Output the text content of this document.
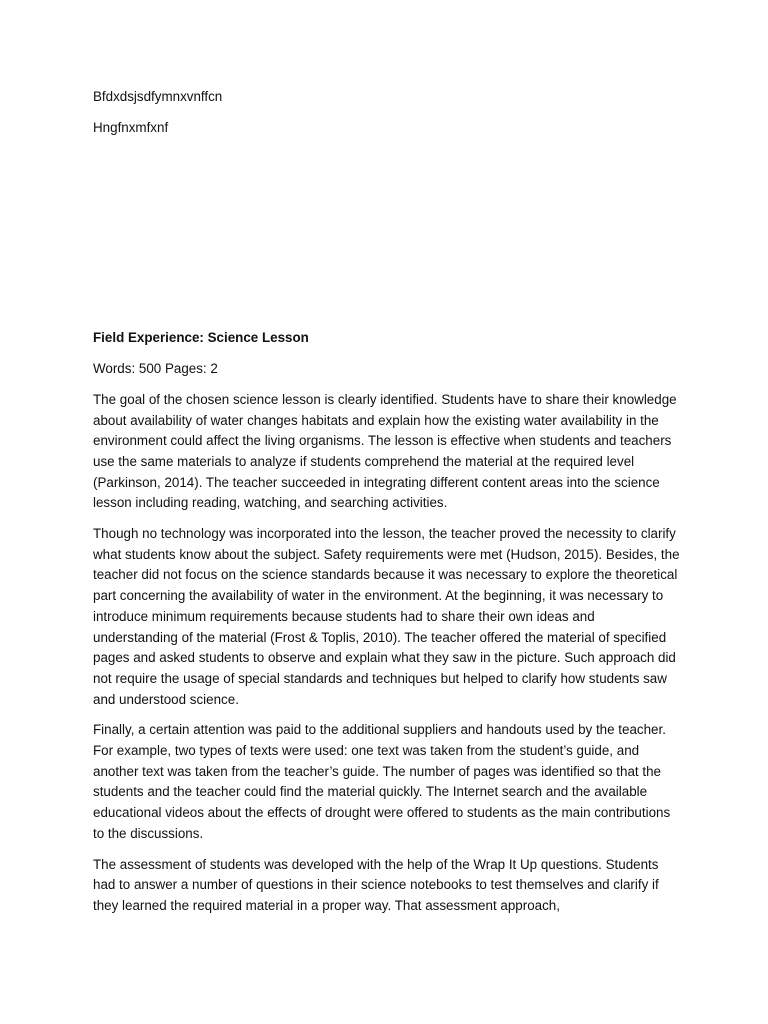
Bfdxdsjsdfymnxvnffcn

Hngfnxmfxnf

Field Experience: Science Lesson

Words: 500 Pages: 2

The goal of the chosen science lesson is clearly identified. Students have to share their knowledge about availability of water changes habitats and explain how the existing water availability in the environment could affect the living organisms. The lesson is effective when students and teachers use the same materials to analyze if students comprehend the material at the required level (Parkinson, 2014). The teacher succeeded in integrating different content areas into the science lesson including reading, watching, and searching activities.

Though no technology was incorporated into the lesson, the teacher proved the necessity to clarify what students know about the subject. Safety requirements were met (Hudson, 2015). Besides, the teacher did not focus on the science standards because it was necessary to explore the theoretical part concerning the availability of water in the environment. At the beginning, it was necessary to introduce minimum requirements because students had to share their own ideas and understanding of the material (Frost & Toplis, 2010). The teacher offered the material of specified pages and asked students to observe and explain what they saw in the picture. Such approach did not require the usage of special standards and techniques but helped to clarify how students saw and understood science.

Finally, a certain attention was paid to the additional suppliers and handouts used by the teacher. For example, two types of texts were used: one text was taken from the student’s guide, and another text was taken from the teacher’s guide. The number of pages was identified so that the students and the teacher could find the material quickly. The Internet search and the available educational videos about the effects of drought were offered to students as the main contributions to the discussions.

The assessment of students was developed with the help of the Wrap It Up questions. Students had to answer a number of questions in their science notebooks to test themselves and clarify if they learned the required material in a proper way. That assessment approach,
